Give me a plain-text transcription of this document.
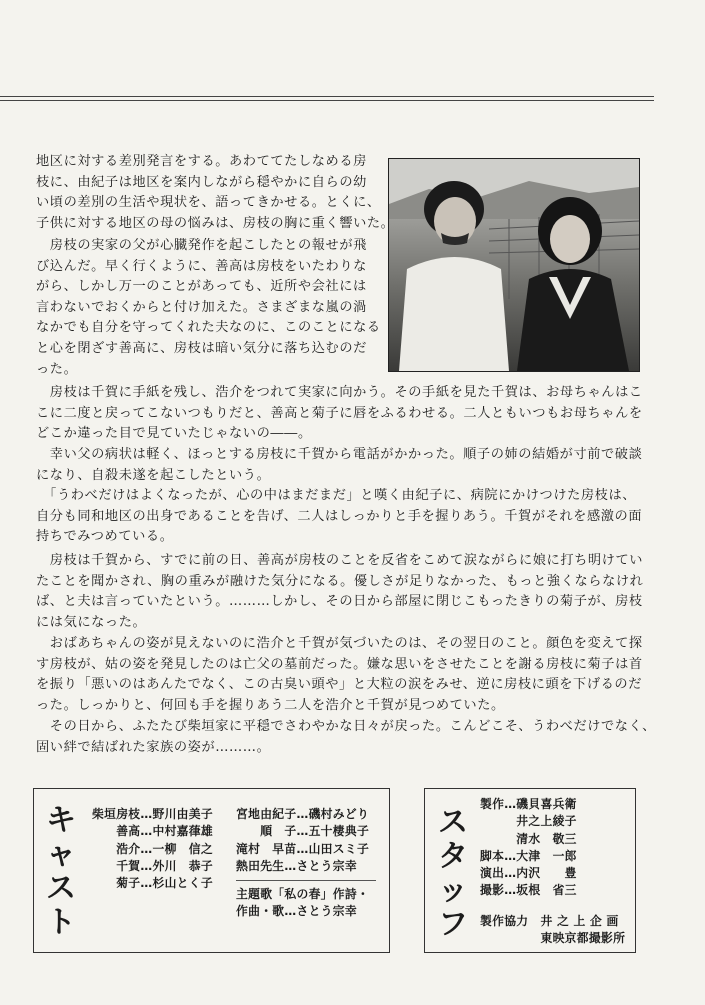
地区に対する差別発言をする。あわててたしなめる房
枝に、由紀子は地区を案内しながら穏やかに自らの幼
い頃の差別の生活や現状を、語ってきかせる。とくに、
子供に対する地区の母の悩みは、房枝の胸に重く響いた。

　房枝の実家の父が心臓発作を起こしたとの報せが飛
び込んだ。早く行くように、善高は房枝をいたわりな
がら、しかし万一のことがあっても、近所や会社には
言わないでおくからと付け加えた。さまざまな嵐の渦
なかでも自分を守ってくれた夫なのに、このことになる
と心を閉ざす善高に、房枝は暗い気分に落ち込むのだ
った。

　房枝は千賀に手紙を残し、浩介をつれて実家に向かう。その手紙を見た千賀は、お母ちゃんはこ
こに二度と戻ってこないつもりだと、善高と菊子に唇をふるわせる。二人ともいつもお母ちゃんを
どこか違った目で見ていたじゃないの――。

　幸い父の病状は軽く、ほっとする房枝に千賀から電話がかかった。順子の姉の結婚が寸前で破談
になり、自殺未遂を起こしたという。

　「うわべだけはよくなったが、心の中はまだまだ」と嘆く由紀子に、病院にかけつけた房枝は、
自分も同和地区の出身であることを告げ、二人はしっかりと手を握りあう。千賀がそれを感激の面
持ちでみつめている。

　房枝は千賀から、すでに前の日、善高が房枝のことを反省をこめて涙ながらに娘に打ち明けてい
たことを聞かされ、胸の重みが融けた気分になる。優しさが足りなかった、もっと強くならなけれ
ば、と夫は言っていたという。………しかし、その日から部屋に閉じこもったきりの菊子が、房枝
には気になった。

　おばあちゃんの姿が見えないのに浩介と千賀が気づいたのは、その翌日のこと。顔色を変えて探
す房枝が、姑の姿を発見したのは亡父の墓前だった。嫌な思いをさせたことを謝る房枝に菊子は首
を振り「悪いのはあんたでなく、この古臭い頭や」と大粒の涙をみせ、逆に房枝に頭を下げるのだ
った。しっかりと、何回も手を握りあう二人を浩介と千賀が見つめていた。

　その日から、ふたたび柴垣家に平穏でさわやかな日々が戻った。こんどこそ、うわべだけでなく、
固い絆で結ばれた家族の姿が………。

キ
ャ
ス
ト

柴垣房枝…野川由美子
　　善高…中村嘉葎雄
　　浩介…一柳　信之
　　千賀…外川　恭子
　　菊子…杉山とく子

宮地由紀子…磯村みどり
　　順　子…五十棲典子
滝村　早苗…山田スミ子
熱田先生…さとう宗幸

主題歌「私の春」作詩・
作曲・歌…さとう宗幸

ス
タ
ッ
フ

製作…磯貝喜兵衛
　　　井之上綾子
　　　清水　敬三
脚本…大津　一郎
演出…内沢　　豊
撮影…坂根　省三

製作協力　井 之 上 企 画
　　　　　東映京都撮影所
